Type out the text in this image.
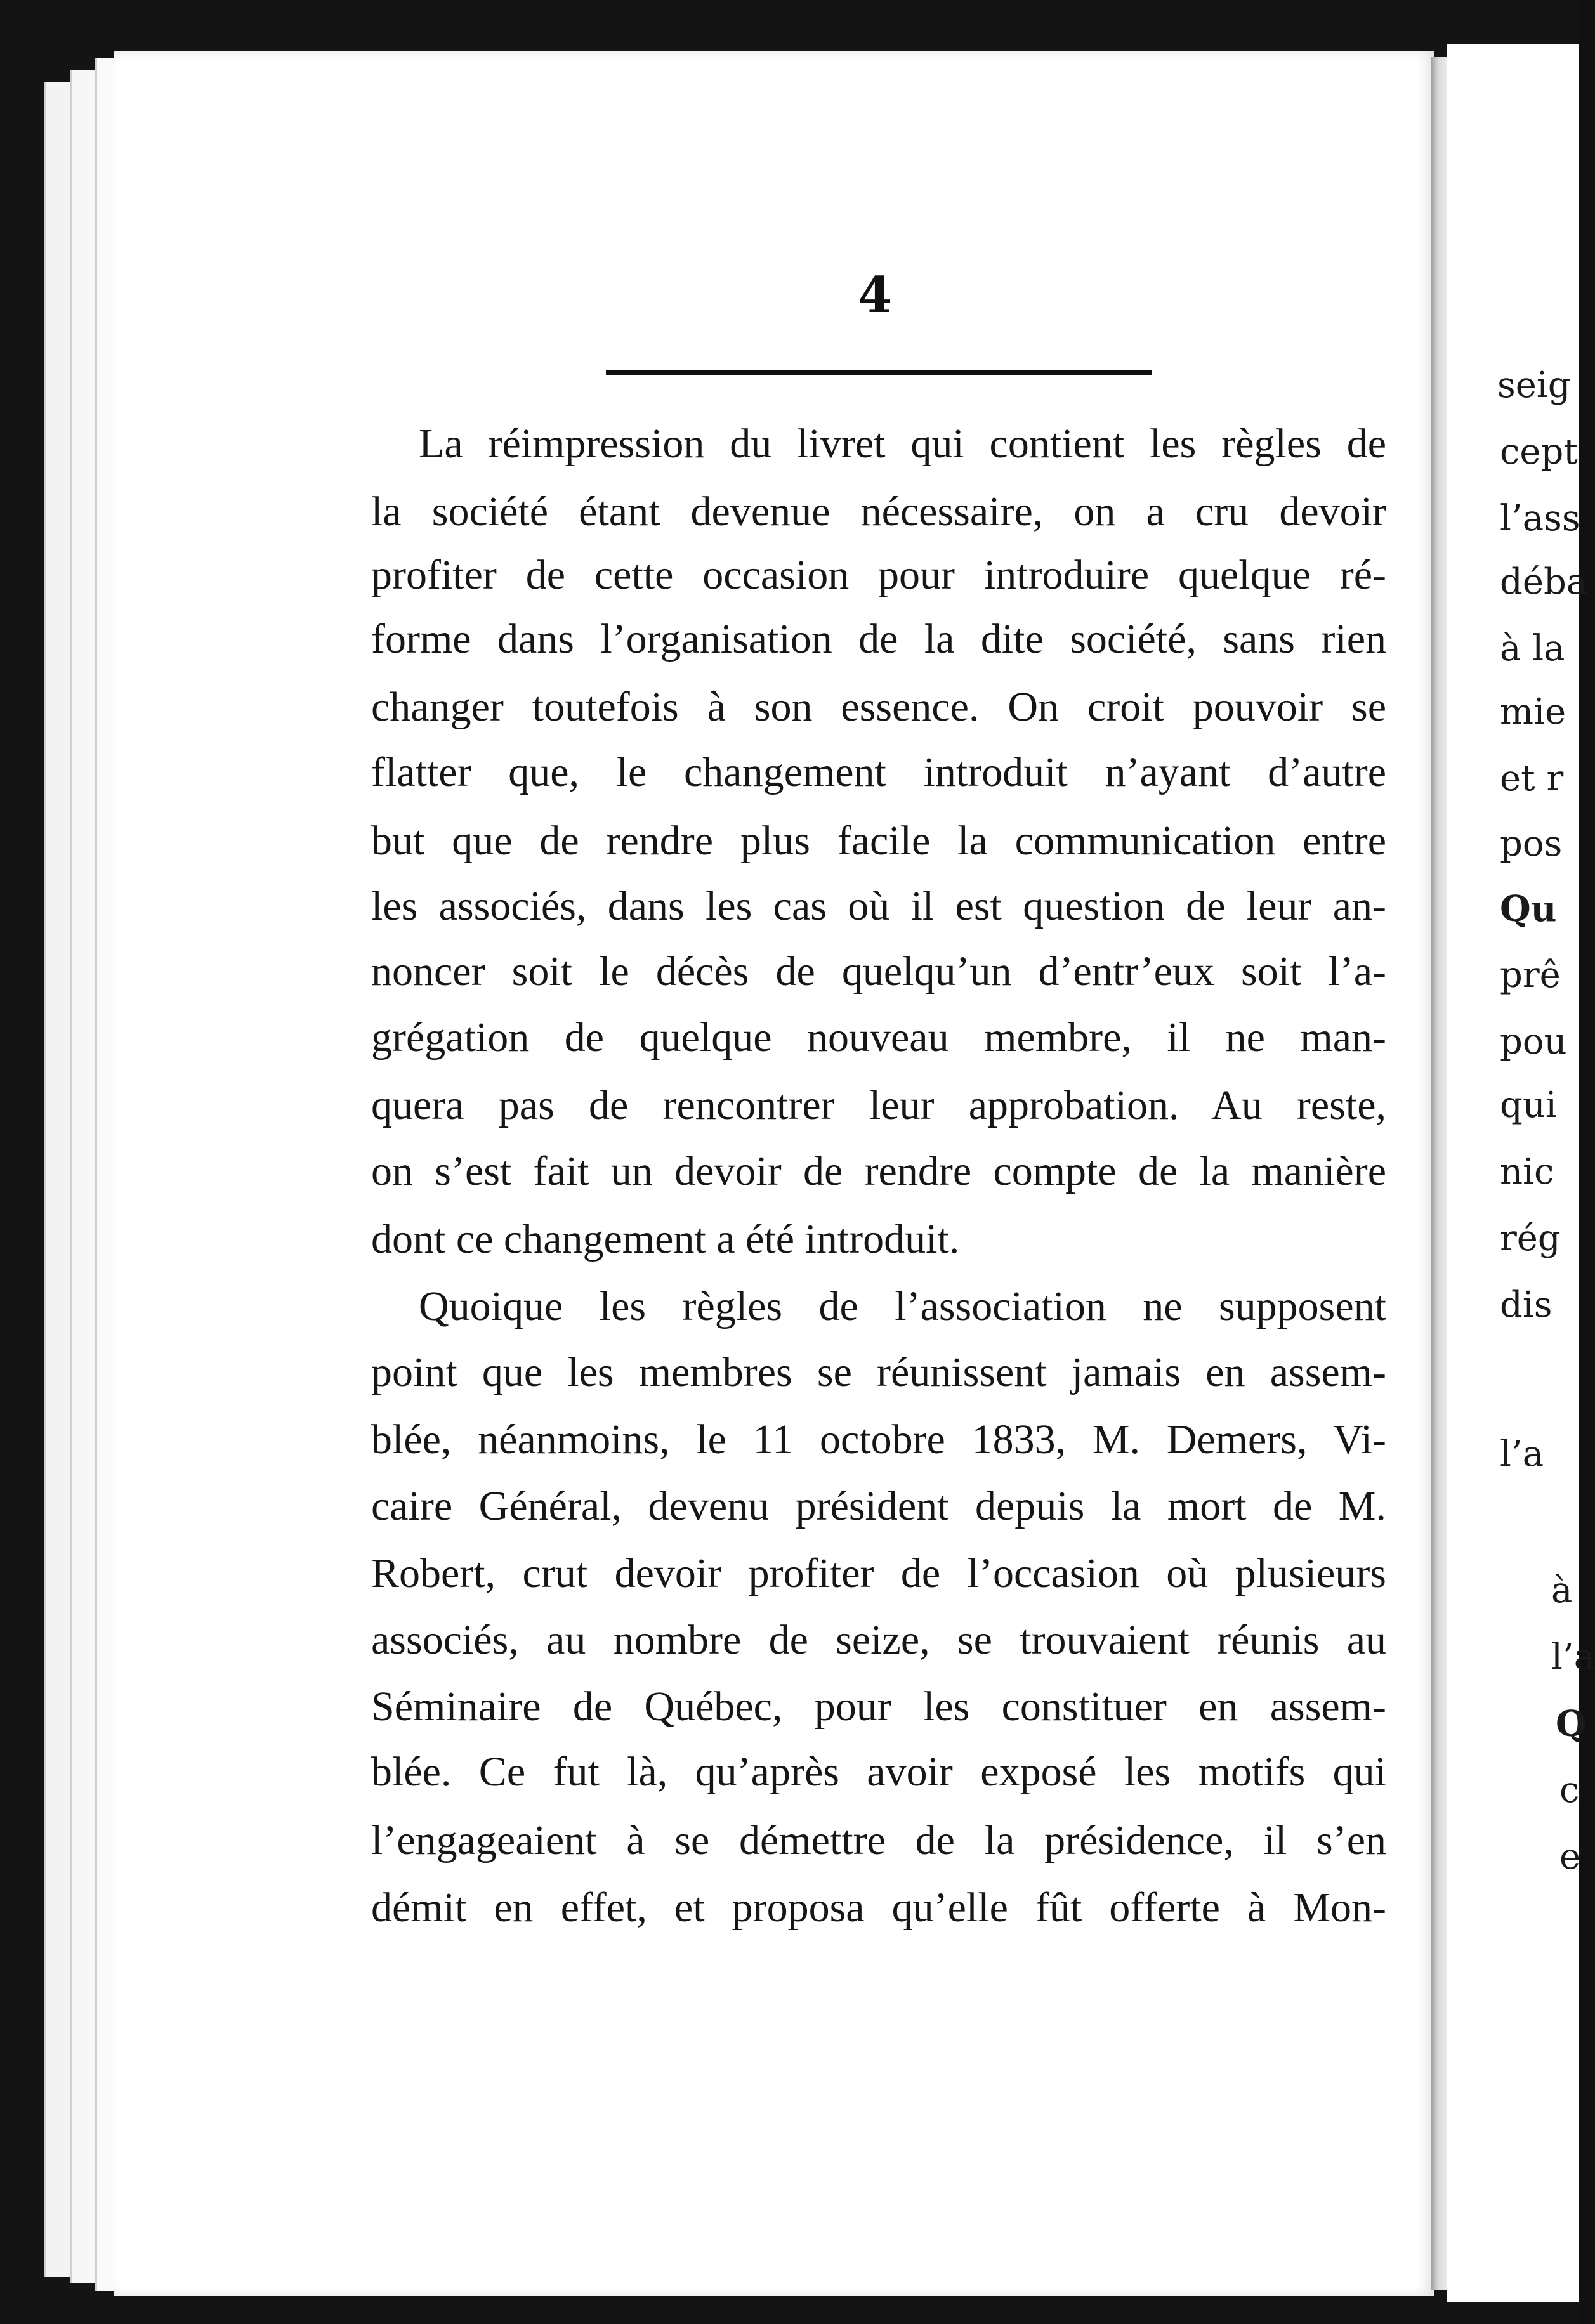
4
La réimpression du livret qui contient les règles de
la société étant devenue nécessaire, on a cru devoir
profiter de cette occasion pour introduire quelque ré-
forme dans l’organisation de la dite société, sans rien
changer toutefois à son essence. On croit pouvoir se
flatter que, le changement introduit n’ayant d’autre
but que de rendre plus facile la communication entre
les associés, dans les cas où il est question de leur an-
noncer soit le décès de quelqu’un d’entr’eux soit l’a-
grégation de quelque nouveau membre, il ne man-
quera pas de rencontrer leur approbation. Au reste,
on s’est fait un devoir de rendre compte de la manière
dont ce changement a été introduit.
Quoique les règles de l’association ne supposent
point que les membres se réunissent jamais en assem-
blée, néanmoins, le 11 octobre 1833, M. Demers, Vi-
caire Général, devenu président depuis la mort de M.
Robert, crut devoir profiter de l’occasion où plusieurs
associés, au nombre de seize, se trouvaient réunis au
Séminaire de Québec, pour les constituer en assem-
blée. Ce fut là, qu’après avoir exposé les motifs qui
l’engageaient à se démettre de la présidence, il s’en
démit en effet, et proposa qu’elle fût offerte à Mon-
seig
cept
l’ass
déba
à la
mie
et r
pos
Qu
prê
pou
qui
nic
rég
dis
l’a
à
l’a
Q
c
e
